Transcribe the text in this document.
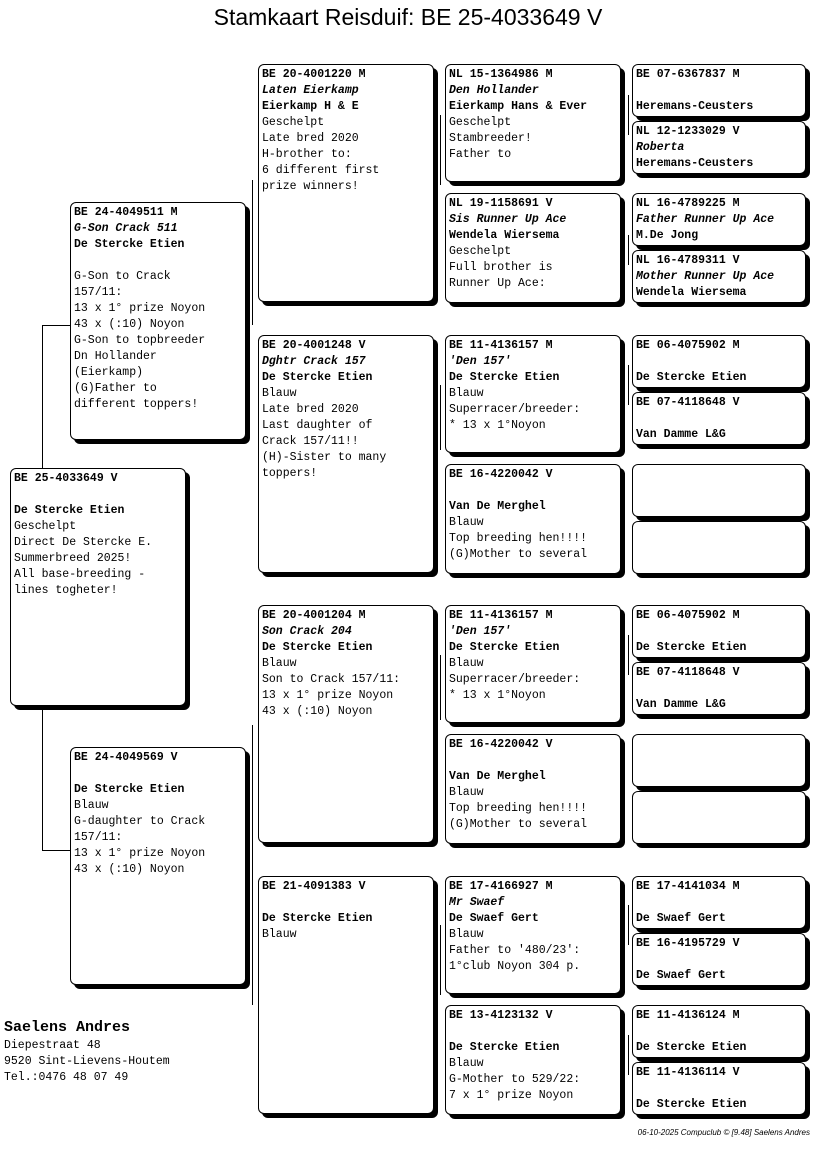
Stamkaart Reisduif: BE 25-4033649 V
BE 25-4033649 V
De Stercke Etien
Geschelpt
Direct De Stercke E.
Summerbreed 2025!
All base-breeding -
lines togheter!
BE 24-4049511 M
G-Son Crack 511
De Stercke Etien
G-Son to Crack
157/11:
13 x 1° prize Noyon
43 x (:10) Noyon
G-Son to topbreeder
Dn Hollander
(Eierkamp)
(G)Father to
different toppers!
BE 24-4049569 V
De Stercke Etien
Blauw
G-daughter to Crack
157/11:
13 x 1° prize Noyon
43 x (:10) Noyon
BE 20-4001220 M
Laten Eierkamp
Eierkamp H & E
Geschelpt
Late bred 2020
H-brother to:
6 different first
prize winners!
BE 20-4001248 V
Dghtr Crack 157
De Stercke Etien
Blauw
Late bred 2020
Last daughter of
Crack 157/11!!
(H)-Sister to many
toppers!
BE 20-4001204 M
Son Crack 204
De Stercke Etien
Blauw
Son to Crack 157/11:
13 x 1° prize Noyon
43 x (:10) Noyon
BE 21-4091383 V
De Stercke Etien
Blauw
NL 15-1364986 M
Den Hollander
Eierkamp Hans & Ever
Geschelpt
Stambreeder!
Father to
NL 19-1158691 V
Sis Runner Up Ace
Wendela Wiersema
Geschelpt
Full brother is
Runner Up Ace:
BE 11-4136157 M
'Den 157'
De Stercke Etien
Blauw
Superracer/breeder:
* 13 x 1°Noyon
BE 16-4220042 V
Van De Merghel
Blauw
Top breeding hen!!!!
(G)Mother to several
BE 11-4136157 M
'Den 157'
De Stercke Etien
Blauw
Superracer/breeder:
* 13 x 1°Noyon
BE 16-4220042 V
Van De Merghel
Blauw
Top breeding hen!!!!
(G)Mother to several
BE 17-4166927 M
Mr Swaef
De Swaef Gert
Blauw
Father to '480/23':
1°club Noyon 304 p.
BE 13-4123132 V
De Stercke Etien
Blauw
G-Mother to 529/22:
7 x 1° prize Noyon
BE 07-6367837 M
Heremans-Ceusters
NL 12-1233029 V
Roberta
Heremans-Ceusters
NL 16-4789225 M
Father Runner Up Ace
M.De Jong
NL 16-4789311 V
Mother Runner Up Ace
Wendela Wiersema
BE 06-4075902 M
De Stercke Etien
BE 07-4118648 V
Van Damme L&G
BE 06-4075902 M
De Stercke Etien
BE 07-4118648 V
Van Damme L&G
BE 17-4141034 M
De Swaef Gert
BE 16-4195729 V
De Swaef Gert
BE 11-4136124 M
De Stercke Etien
BE 11-4136114 V
De Stercke Etien
Saelens Andres
Diepestraat 48
9520 Sint-Lievens-Houtem
Tel.:0476 48 07 49
06-10-2025 Compuclub © [9.48] Saelens Andres
